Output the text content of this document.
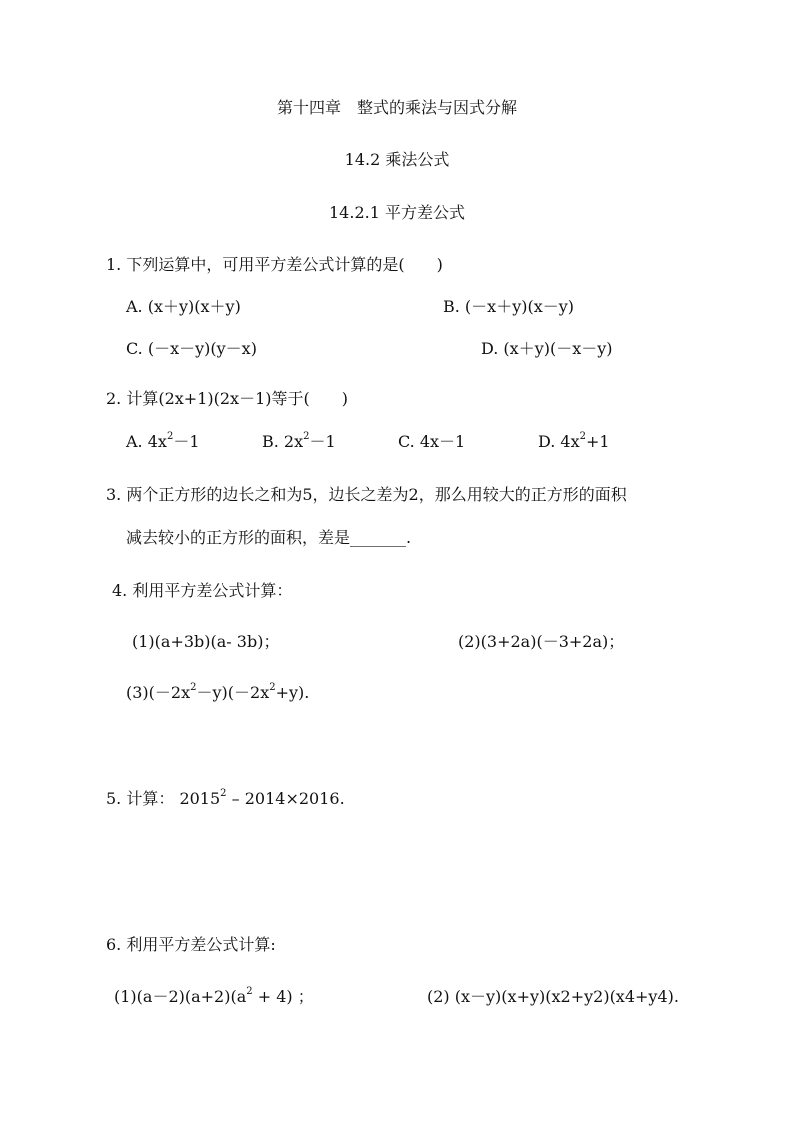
第十四章　整式的乘法与因式分解
14.2 乘法公式
14.2.1 平方差公式
1. 下列运算中，可用平方差公式计算的是(　　)
A. (x＋y)(x＋y)	B. (－x＋y)(x－y)
C. (－x－y)(y－x)	D. (x＋y)(－x－y)
2. 计算(2x+1)(2x－1)等于(　　)
A. $4x^2-1$	B. $2x^2-1$	C. 4x－1	D. $4x^2+1$
3. 两个正方形的边长之和为5，边长之差为2，那么用较大的正方形的面积
减去较小的正方形的面积，差是_______.
4. 利用平方差公式计算：
(1)(a+3b)(a- 3b)；	(2)(3+2a)(－3+2a)；
$(3)(-2x^2-y)(-2x^2+y)$.
5. 计算： 2015$^2$ – 2014×2016.
6. 利用平方差公式计算:
$(1)(a-2)(a+2)(a^2 + 4)$ ；	(2) (x－y)(x+y)(x2+y2)(x4+y4).
